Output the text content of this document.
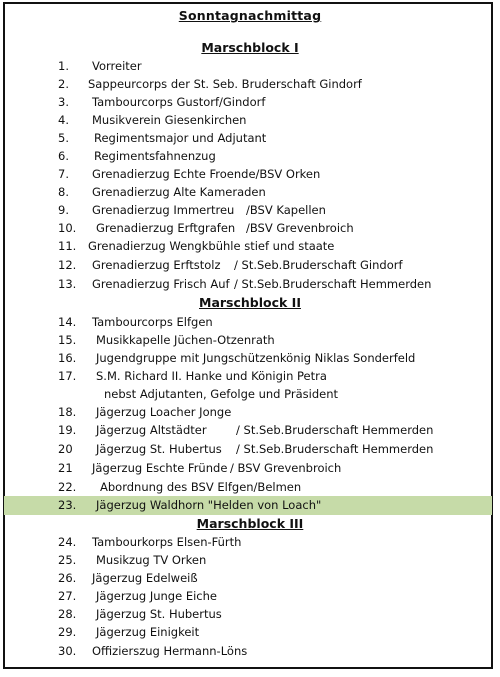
Sonntagnachmittag
Marschblock I
1.	Vorreiter
2.	Sappeurcorps der St. Seb. Bruderschaft Gindorf
3.	Tambourcorps Gustorf/Gindorf
4.	Musikverein Giesenkirchen
5.	Regimentsmajor und Adjutant
6.	Regimentsfahnenzug
7.	Grenadierzug Echte Froende/BSV Orken
8.	Grenadierzug Alte Kameraden
9.	Grenadierzug Immertreu /BSV Kapellen
10.	Grenadierzug Erftgrafen /BSV Grevenbroich
11.	Grenadierzug Wengkbühle stief und staate
12.	Grenadierzug Erftstolz / St.Seb.Bruderschaft Gindorf
13.	Grenadierzug Frisch Auf / St.Seb.Bruderschaft Hemmerden
Marschblock II
14.	Tambourcorps Elfgen
15.	Musikkapelle Jüchen-Otzenrath
16.	Jugendgruppe mit Jungschützenkönig Niklas Sonderfeld
17.	S.M. Richard II. Hanke und Königin Petra
nebst Adjutanten, Gefolge und Präsident
18.	Jägerzug Loacher Jonge
19.	Jägerzug Altstädter	/ St.Seb.Bruderschaft Hemmerden
20	Jägerzug St. Hubertus / St.Seb.Bruderschaft Hemmerden
21	Jägerzug Eschte Fründe / BSV Grevenbroich
22.	Abordnung des BSV Elfgen/Belmen
23.	Jägerzug Waldhorn "Helden von Loach"
Marschblock III
24.	Tambourkorps Elsen-Fürth
25.	Musikzug TV Orken
26.	Jägerzug Edelweiß
27.	Jägerzug Junge Eiche
28.	Jägerzug St. Hubertus
29.	Jägerzug Einigkeit
30.	Offizierszug Hermann-Löns
